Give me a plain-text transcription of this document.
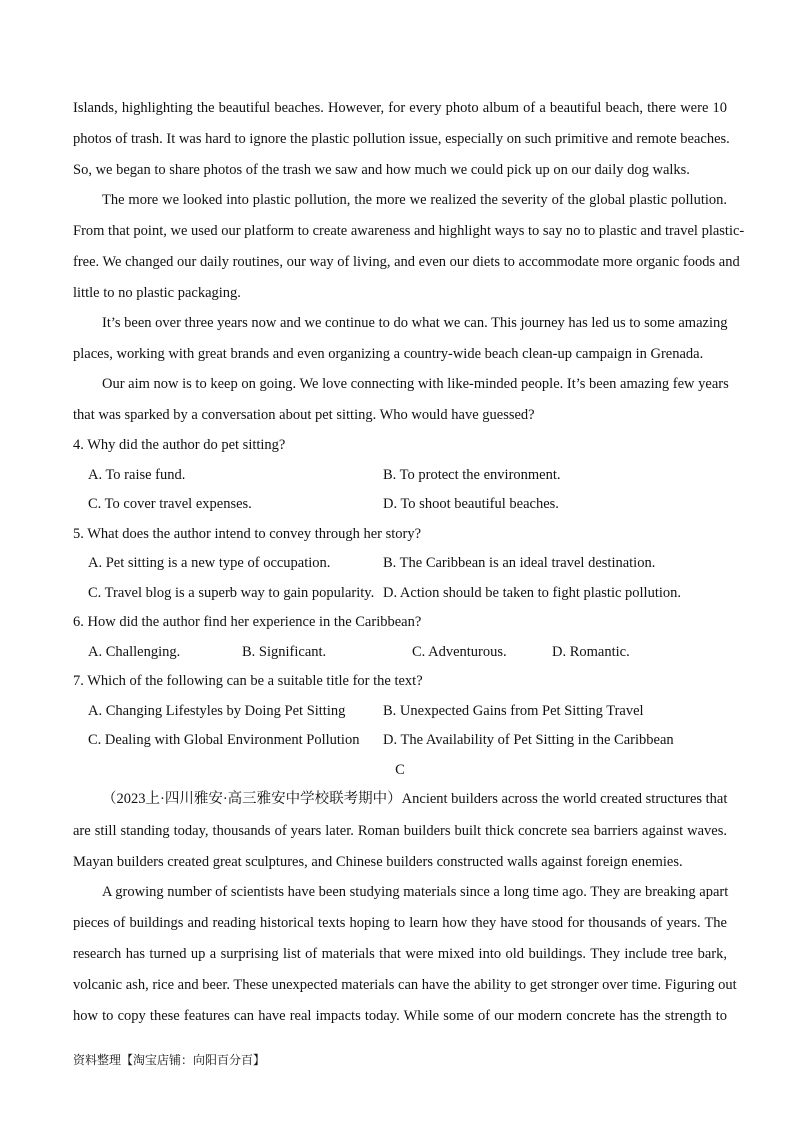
Islands, highlighting the beautiful beaches. However, for every photo album of a beautiful beach, there were 10
photos of trash. It was hard to ignore the plastic pollution issue, especially on such primitive and remote beaches.
So, we began to share photos of the trash we saw and how much we could pick up on our daily dog walks.
The more we looked into plastic pollution, the more we realized the severity of the global plastic pollution.
From that point, we used our platform to create awareness and highlight ways to say no to plastic and travel plastic-
free. We changed our daily routines, our way of living, and even our diets to accommodate more organic foods and
little to no plastic packaging.
It’s been over three years now and we continue to do what we can. This journey has led us to some amazing
places, working with great brands and even organizing a country-wide beach clean-up campaign in Grenada.
Our aim now is to keep on going. We love connecting with like-minded people. It’s been amazing few years
that was sparked by a conversation about pet sitting. Who would have guessed?
4. Why did the author do pet sitting?
A. To raise fund.	B. To protect the environment.
C. To cover travel expenses.	D. To shoot beautiful beaches.
5. What does the author intend to convey through her story?
A. Pet sitting is a new type of occupation.	B. The Caribbean is an ideal travel destination.
C. Travel blog is a superb way to gain popularity. D. Action should be taken to fight plastic pollution.
6. How did the author find her experience in the Caribbean?
A. Challenging.	B. Significant.	C. Adventurous.	D. Romantic.
7. Which of the following can be a suitable title for the text?
A. Changing Lifestyles by Doing Pet Sitting	B. Unexpected Gains from Pet Sitting Travel
C. Dealing with Global Environment Pollution D. The Availability of Pet Sitting in the Caribbean
C
（2023上·四川雅安·高三雅安中学校联考期中）Ancient builders across the world created structures that
are still standing today, thousands of years later. Roman builders built thick concrete sea barriers against waves.
Mayan builders created great sculptures, and Chinese builders constructed walls against foreign enemies.
A growing number of scientists have been studying materials since a long time ago. They are breaking apart
pieces of buildings and reading historical texts hoping to learn how they have stood for thousands of years. The
research has turned up a surprising list of materials that were mixed into old buildings. They include tree bark,
volcanic ash, rice and beer. These unexpected materials can have the ability to get stronger over time. Figuring out
how to copy these features can have real impacts today. While some of our modern concrete has the strength to
资料整理【淘宝店铺：向阳百分百】
